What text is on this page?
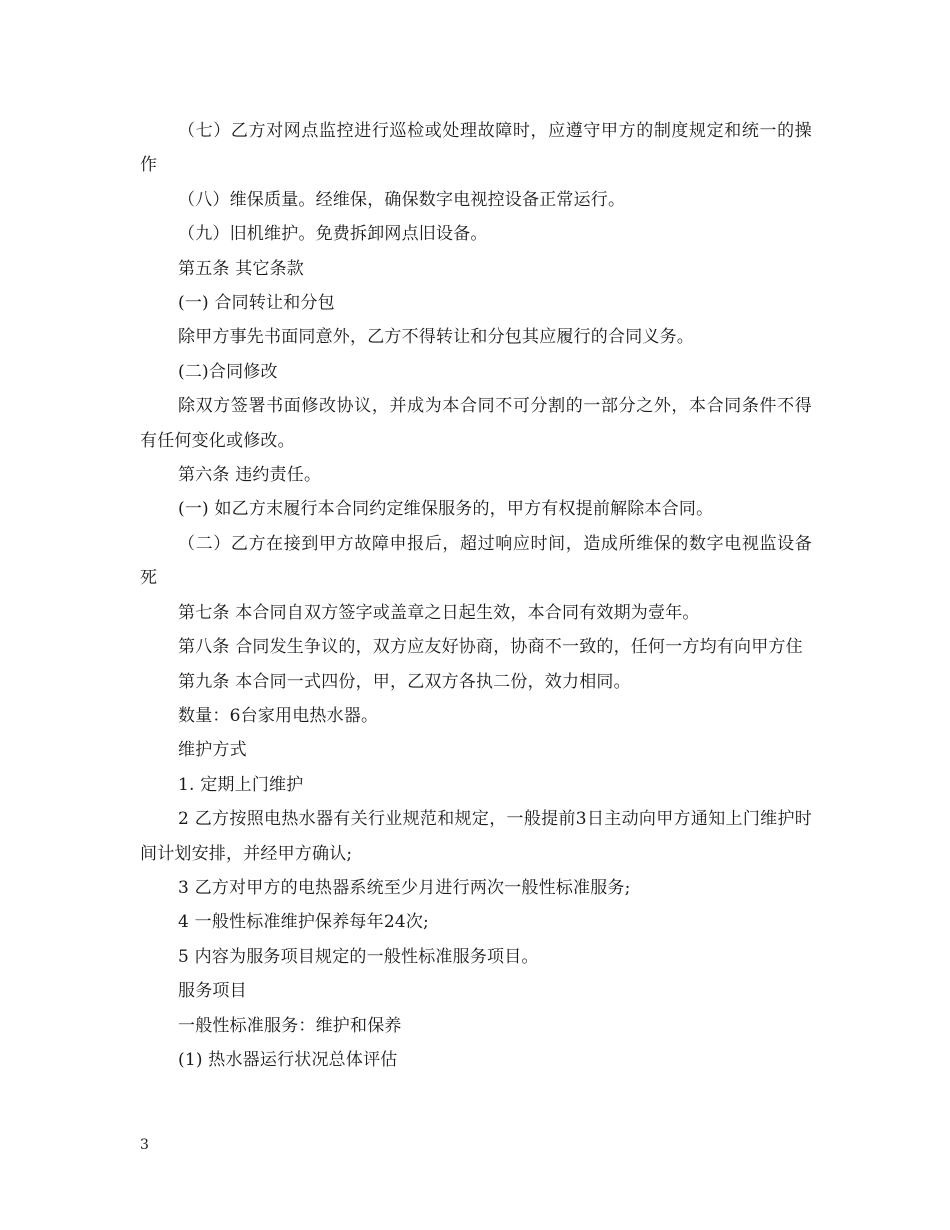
（七）乙方对网点监控进行巡检或处理故障时，应遵守甲方的制度规定和统一的操作

（八）维保质量。经维保，确保数字电视控设备正常运行。

（九）旧机维护。免费拆卸网点旧设备。

第五条 其它条款

(一) 合同转让和分包

除甲方事先书面同意外，乙方不得转让和分包其应履行的合同义务。

(二)合同修改

除双方签署书面修改协议，并成为本合同不可分割的一部分之外，本合同条件不得有任何变化或修改。

第六条 违约责任。

(一) 如乙方末履行本合同约定维保服务的，甲方有权提前解除本合同。

（二）乙方在接到甲方故障申报后，超过响应时间，造成所维保的数字电视监设备死

第七条 本合同自双方签字或盖章之日起生效，本合同有效期为壹年。

第八条 合同发生争议的，双方应友好协商，协商不一致的，任何一方均有向甲方住

第九条 本合同一式四份，甲，乙双方各执二份，效力相同。

数量：6台家用电热水器。

维护方式

1. 定期上门维护

2 乙方按照电热水器有关行业规范和规定，一般提前3日主动向甲方通知上门维护时间计划安排，并经甲方确认;

3 乙方对甲方的电热器系统至少月进行两次一般性标准服务;

4 一般性标准维护保养每年24次;

5 内容为服务项目规定的一般性标准服务项目。

服务项目

一般性标准服务：维护和保养

(1) 热水器运行状况总体评估

3
